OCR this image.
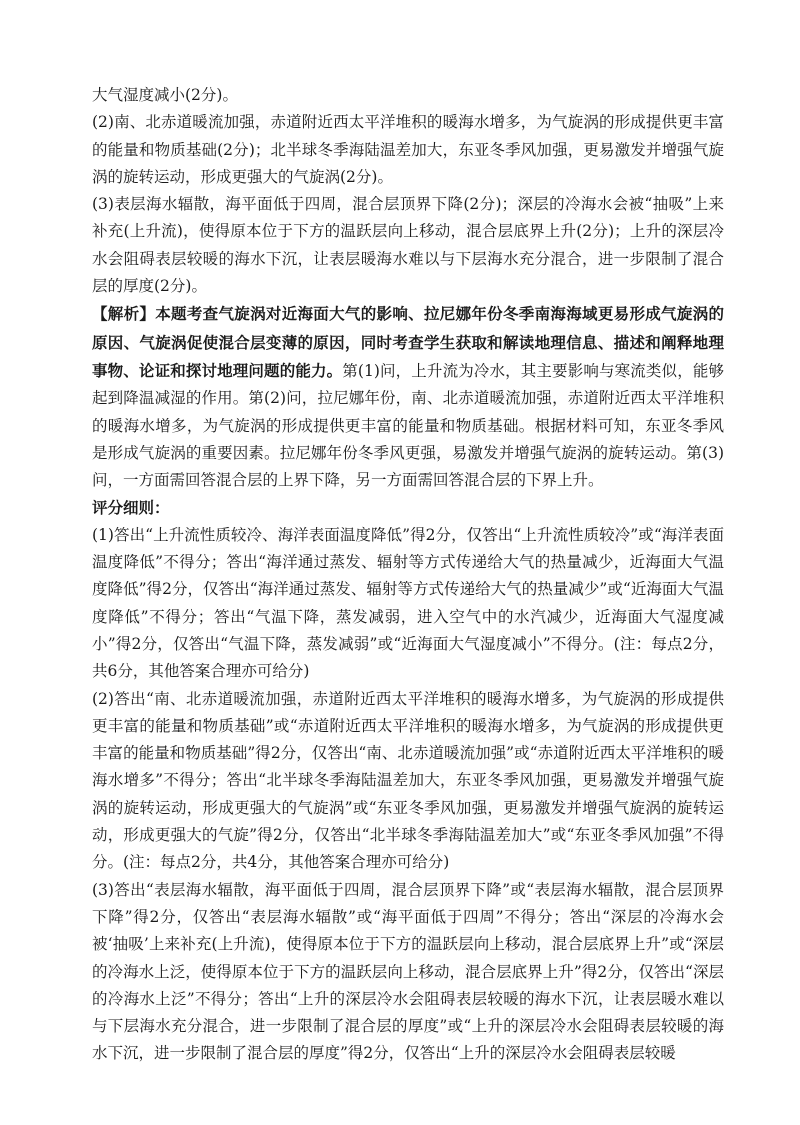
大气湿度减小(2分)。

(2)南、北赤道暖流加强，赤道附近西太平洋堆积的暖海水增多，为气旋涡的形成提供更丰富的能量和物质基础(2分)；北半球冬季海陆温差加大，东亚冬季风加强，更易激发并增强气旋涡的旋转运动，形成更强大的气旋涡(2分)。

(3)表层海水辐散，海平面低于四周，混合层顶界下降(2分)；深层的冷海水会被“抽吸”上来补充(上升流)，使得原本位于下方的温跃层向上移动，混合层底界上升(2分)；上升的深层冷水会阻碍表层较暖的海水下沉，让表层暖海水难以与下层海水充分混合，进一步限制了混合层的厚度(2分)。

【解析】本题考查气旋涡对近海面大气的影响、拉尼娜年份冬季南海海域更易形成气旋涡的原因、气旋涡促使混合层变薄的原因，同时考查学生获取和解读地理信息、描述和阐释地理事物、论证和探讨地理问题的能力。第(1)问，上升流为冷水，其主要影响与寒流类似，能够起到降温减湿的作用。第(2)问，拉尼娜年份，南、北赤道暖流加强，赤道附近西太平洋堆积的暖海水增多，为气旋涡的形成提供更丰富的能量和物质基础。根据材料可知，东亚冬季风是形成气旋涡的重要因素。拉尼娜年份冬季风更强，易激发并增强气旋涡的旋转运动。第(3)问，一方面需回答混合层的上界下降，另一方面需回答混合层的下界上升。

评分细则：

(1)答出“上升流性质较冷、海洋表面温度降低”得2分，仅答出“上升流性质较冷”或“海洋表面温度降低”不得分；答出“海洋通过蒸发、辐射等方式传递给大气的热量减少，近海面大气温度降低”得2分，仅答出“海洋通过蒸发、辐射等方式传递给大气的热量减少”或“近海面大气温度降低”不得分；答出“气温下降，蒸发减弱，进入空气中的水汽减少，近海面大气湿度减小”得2分，仅答出“气温下降，蒸发减弱”或“近海面大气湿度减小”不得分。(注：每点2分，共6分，其他答案合理亦可给分)

(2)答出“南、北赤道暖流加强，赤道附近西太平洋堆积的暖海水增多，为气旋涡的形成提供更丰富的能量和物质基础”或“赤道附近西太平洋堆积的暖海水增多，为气旋涡的形成提供更丰富的能量和物质基础”得2分，仅答出“南、北赤道暖流加强”或“赤道附近西太平洋堆积的暖海水增多”不得分；答出“北半球冬季海陆温差加大，东亚冬季风加强，更易激发并增强气旋涡的旋转运动，形成更强大的气旋涡”或“东亚冬季风加强，更易激发并增强气旋涡的旋转运动，形成更强大的气旋”得2分，仅答出“北半球冬季海陆温差加大”或“东亚冬季风加强”不得分。(注：每点2分，共4分，其他答案合理亦可给分)

(3)答出“表层海水辐散，海平面低于四周，混合层顶界下降”或“表层海水辐散，混合层顶界下降”得2分，仅答出“表层海水辐散”或“海平面低于四周”不得分；答出“深层的冷海水会被‘抽吸’上来补充(上升流)，使得原本位于下方的温跃层向上移动，混合层底界上升”或“深层的冷海水上泛，使得原本位于下方的温跃层向上移动，混合层底界上升”得2分，仅答出“深层的冷海水上泛”不得分；答出“上升的深层冷水会阻碍表层较暖的海水下沉，让表层暖水难以与下层海水充分混合，进一步限制了混合层的厚度”或“上升的深层冷水会阻碍表层较暖的海水下沉，进一步限制了混合层的厚度”得2分，仅答出“上升的深层冷水会阻碍表层较暖
